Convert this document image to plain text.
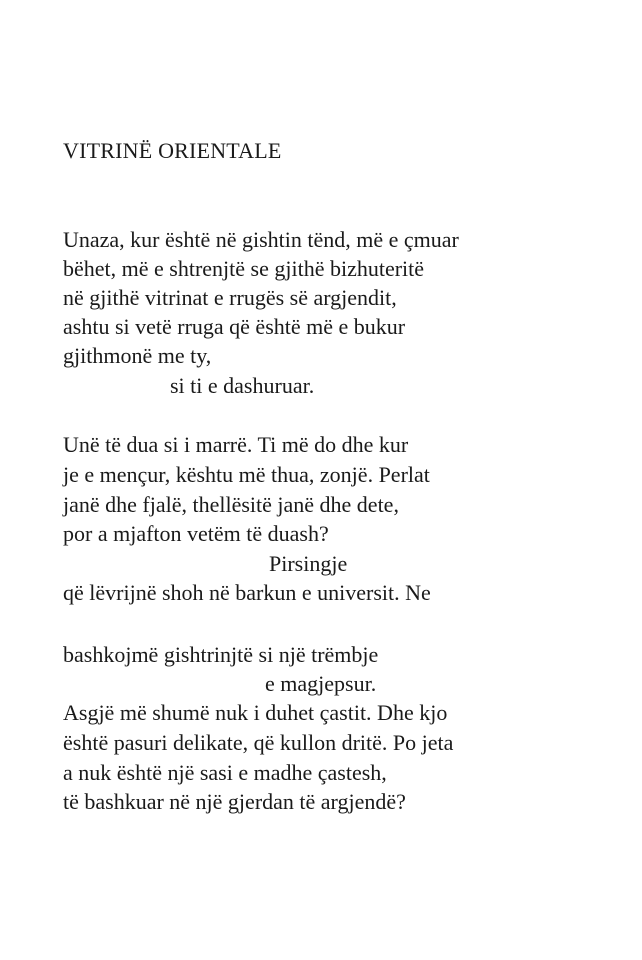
VITRINË ORIENTALE
Unaza, kur është në gishtin tënd, më e çmuar
bëhet, më e shtrenjtë se gjithë bizhuteritë
në gjithë vitrinat e rrugës së argjendit,
ashtu si vetë rruga që është më e bukur
gjithmonë me ty,
si ti e dashuruar.
Unë të dua si i marrë. Ti më do dhe kur
je e mençur, kështu më thua, zonjë. Perlat
janë dhe fjalë, thellësitë janë dhe dete,
por a mjafton vetëm të duash?
Pirsingje
që lëvrijnë shoh në barkun e universit. Ne
bashkojmë gishtrinjtë si një trëmbje
e magjepsur.
Asgjë më shumë nuk i duhet çastit. Dhe kjo
është pasuri delikate, që kullon dritë. Po jeta
a nuk është një sasi e madhe çastesh,
të bashkuar në një gjerdan të argjendë?
